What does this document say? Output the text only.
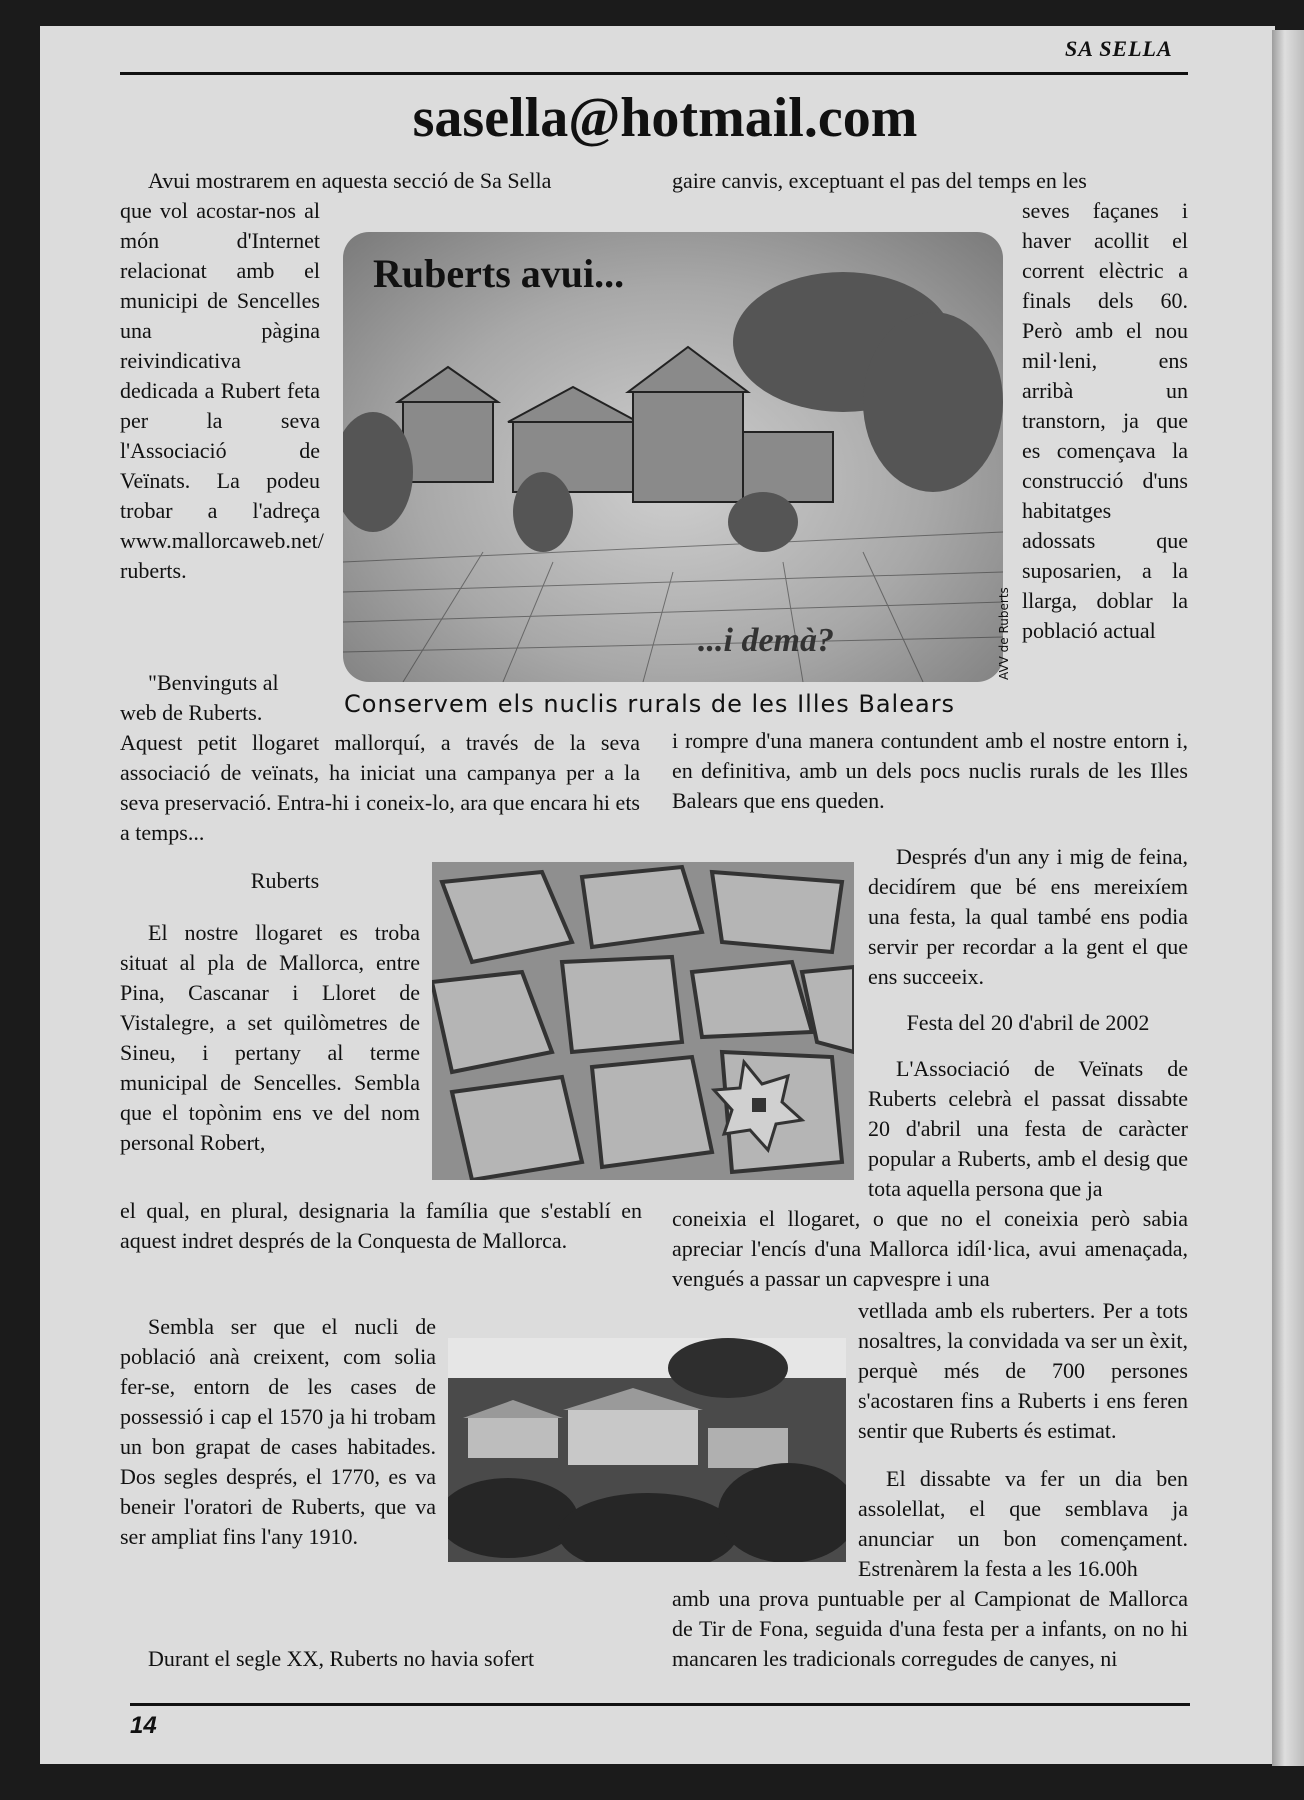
SA SELLA
sasella@hotmail.com
Avui mostrarem en aquesta secció de Sa Sella
que vol acostar-nos al món d'Internet relacionat amb el municipi de Sencelles una pàgina reivindicativa dedicada a Rubert feta per la seva l'Associació de Veïnats. La podeu trobar a l'adreça www.mallorcaweb.net/ ruberts.
"Benvinguts al
web de Ruberts.
Aquest petit llogaret mallorquí, a través de la seva associació de veïnats, ha iniciat una campanya per a la seva preservació. Entra-hi i coneix-lo, ara que encara hi ets a temps...
Ruberts
El nostre llogaret es troba situat al pla de Mallorca, entre Pina, Cascanar i Lloret de Vistalegre, a set quilòmetres de Sineu, i pertany al terme municipal de Sencelles. Sembla que el topònim ens ve del nom personal Robert,
el qual, en plural, designaria la família que s'establí en aquest indret després de la Conquesta de Mallorca.
Sembla ser que el nucli de població anà creixent, com solia fer-se, entorn de les cases de possessió i cap el 1570 ja hi trobam un bon grapat de cases habitades. Dos segles després, el 1770, es va beneir l'oratori de Ruberts, que va ser ampliat fins l'any 1910.
Durant el segle XX, Ruberts no havia sofert
gaire canvis, exceptuant el pas del temps en les
seves façanes i haver acollit el corrent elèctric a finals dels 60. Però amb el nou mil·leni, ens arribà un transtorn, ja que es començava la construcció d'uns habitatges adossats que suposarien, a la llarga, doblar la població actual
i rompre d'una manera contundent amb el nostre entorn i, en definitiva, amb un dels pocs nuclis rurals de les Illes Balears que ens queden.
Després d'un any i mig de feina, decidírem que bé ens mereixíem una festa, la qual també ens podia servir per recordar a la gent el que ens succeeix.
Festa del 20 d'abril de 2002
L'Associació de Veïnats de Ruberts celebrà el passat dissabte 20 d'abril una festa de caràcter popular a Ruberts, amb el desig que tota aquella persona que ja
coneixia el llogaret, o que no el coneixia però sabia apreciar l'encís d'una Mallorca idíl·lica, avui amenaçada, vengués a passar un capvespre i una
vetllada amb els ruberters. Per a tots nosaltres, la convidada va ser un èxit, perquè més de 700 persones s'acostaren fins a Ruberts i ens feren sentir que Ruberts és estimat.
El dissabte va fer un dia ben assolellat, el que semblava ja anunciar un bon començament. Estrenàrem la festa a les 16.00h
amb una prova puntuable per al Campionat de Mallorca de Tir de Fona, seguida d'una festa per a infants, on no hi mancaren les tradicionals corregudes de canyes, ni
Ruberts avui...
...i demà?	AVV de Ruberts
Conservem els nuclis rurals de les Illes Balears
14
